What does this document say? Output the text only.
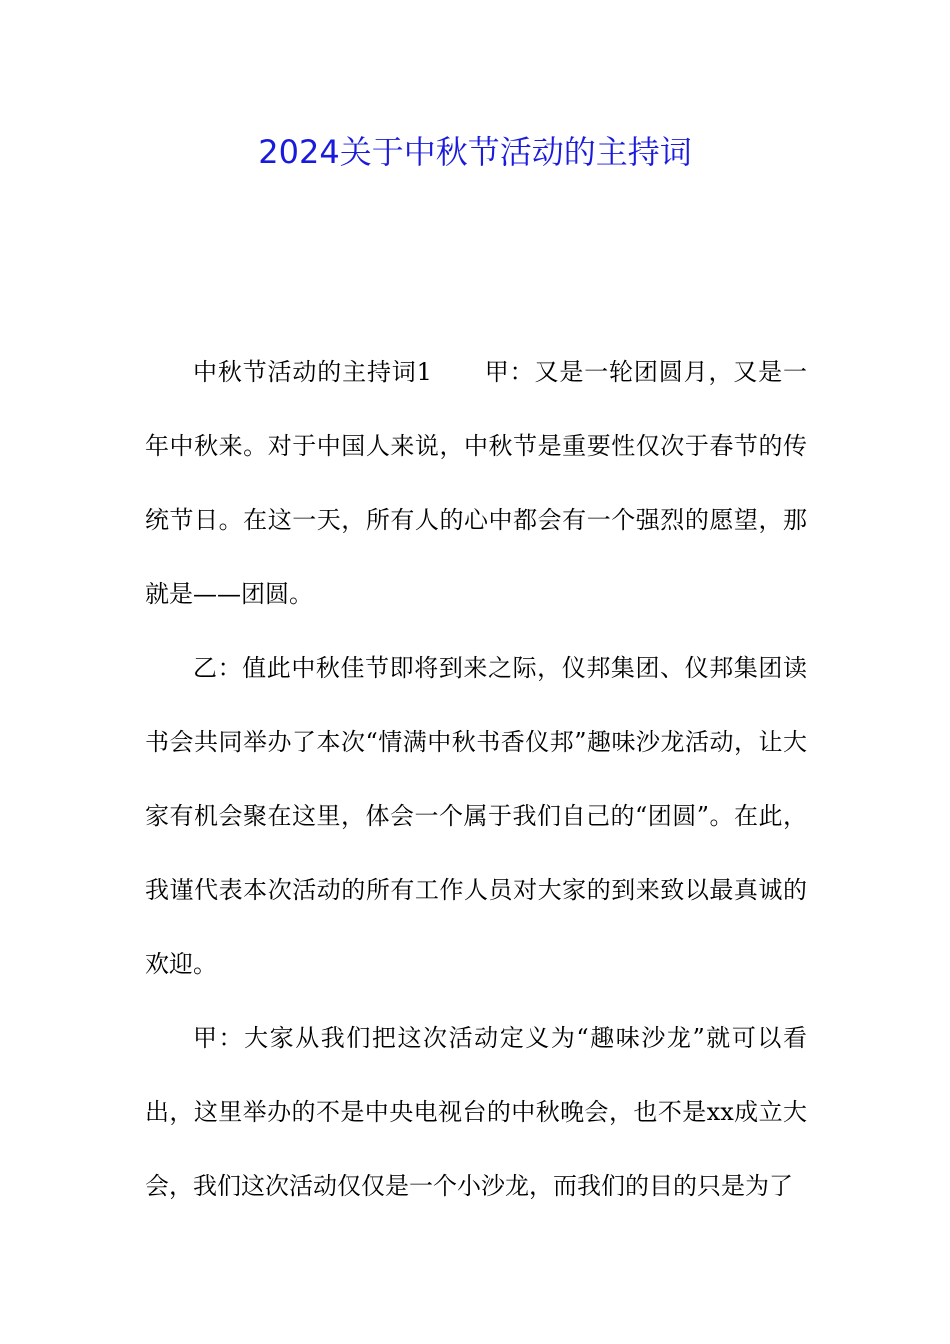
2024关于中秋节活动的主持词

中秋节活动的主持词1 甲：又是一轮团圆月，又是一年中秋来。对于中国人来说，中秋节是重要性仅次于春节的传统节日。在这一天，所有人的心中都会有一个强烈的愿望，那就是——团圆。

乙：值此中秋佳节即将到来之际，仪邦集团、仪邦集团读书会共同举办了本次“情满中秋书香仪邦”趣味沙龙活动，让大家有机会聚在这里，体会一个属于我们自己的“团圆”。在此，我谨代表本次活动的所有工作人员对大家的到来致以最真诚的欢迎。

甲：大家从我们把这次活动定义为“趣味沙龙”就可以看出，这里举办的不是中央电视台的中秋晚会，也不是xx成立大会，我们这次活动仅仅是一个小沙龙，而我们的目的只是为了
